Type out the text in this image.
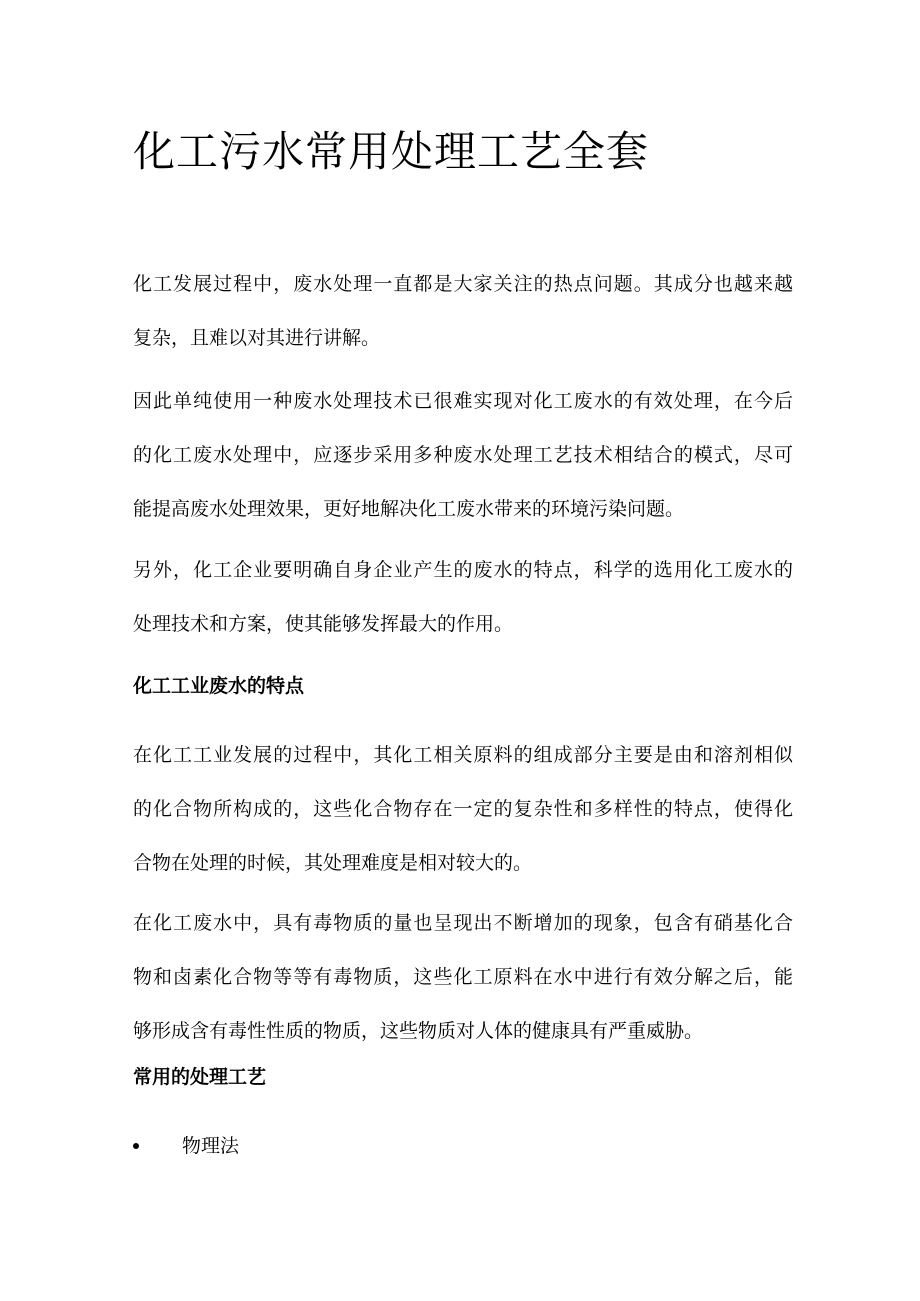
化工污水常用处理工艺全套

化工发展过程中，废水处理一直都是大家关注的热点问题。其成分也越来越
复杂，且难以对其进行讲解。

因此单纯使用一种废水处理技术已很难实现对化工废水的有效处理，在今后
的化工废水处理中，应逐步采用多种废水处理工艺技术相结合的模式，尽可
能提高废水处理效果，更好地解决化工废水带来的环境污染问题。

另外，化工企业要明确自身企业产生的废水的特点，科学的选用化工废水的
处理技术和方案，使其能够发挥最大的作用。

化工工业废水的特点

在化工工业发展的过程中，其化工相关原料的组成部分主要是由和溶剂相似
的化合物所构成的，这些化合物存在一定的复杂性和多样性的特点，使得化
合物在处理的时候，其处理难度是相对较大的。

在化工废水中，具有毒物质的量也呈现出不断增加的现象，包含有硝基化合
物和卤素化合物等等有毒物质，这些化工原料在水中进行有效分解之后，能
够形成含有毒性性质的物质，这些物质对人体的健康具有严重威胁。

常用的处理工艺
物理法
